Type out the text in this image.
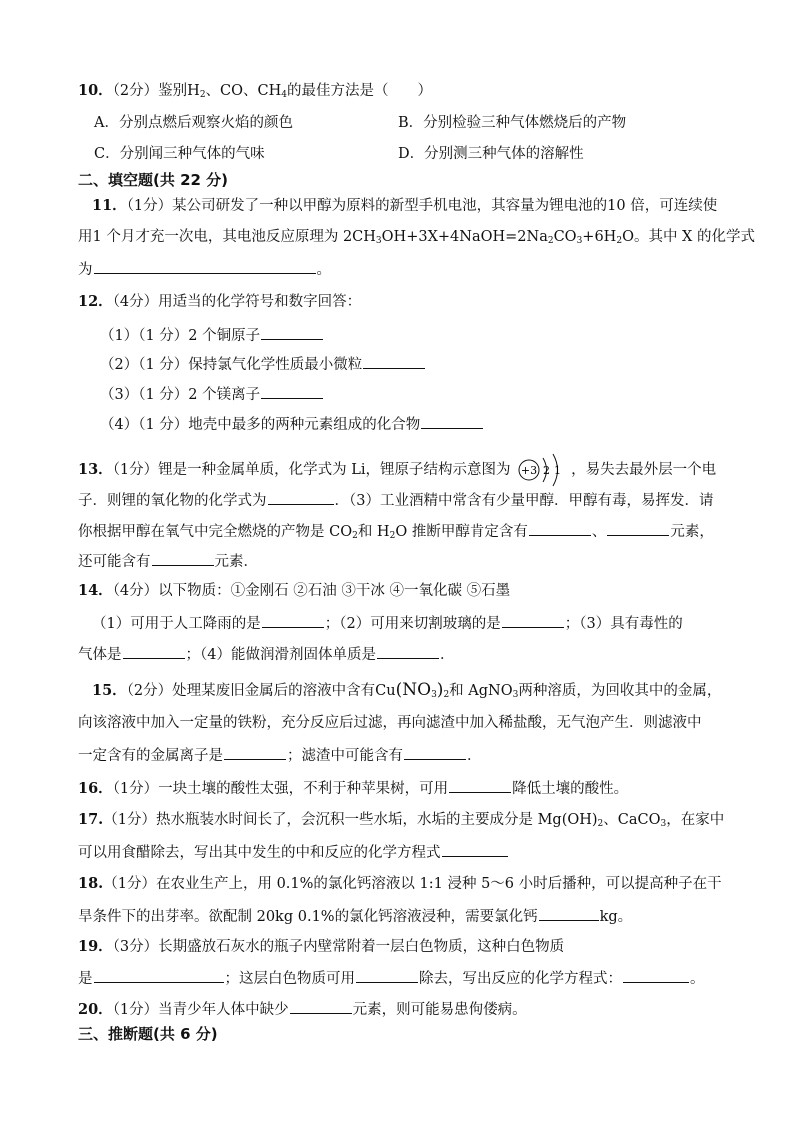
10．（2分）鉴别$H_2$、CO、$CH_4$的最佳方法是（　　）
A．分别点燃后观察火焰的颜色	B．分别检验三种气体燃烧后的产物
C．分别闻三种气体的气味	D．分别测三种气体的溶解性
二、填空题(共 22 分)
11．（1分）某公司研发了一种以甲醇为原料的新型手机电池，其容量为锂电池的10 倍，可连续使
用1 个月才充一次电，其电池反应原理为 $2CH_3OH+3X+4NaOH=2Na_2CO_3+6H_2O$。其中 X 的化学式
为	。
12．（4分）用适当的化学符号和数字回答：
（1）（1 分）2 个铜原子
（2）（1 分）保持氯气化学性质最小微粒
（3）（1 分）2 个镁离子
（4）（1 分）地壳中最多的两种元素组成的化合物
13．（1分）锂是一种金属单质，化学式为 Li，锂原子结构示意图为 +3 2 1 ，易失去最外层一个电
子．则锂的氧化物的化学式为	．（3）工业酒精中常含有少量甲醇．甲醇有毒，易挥发．请
你根据甲醇在氧气中完全燃烧的产物是 $CO_2$和 $H_2O$ 推断甲醇肯定含有	、	元素，
还可能含有	元素．
14．（4分）以下物质：①金刚石 ②石油 ③干冰 ④一氧化碳 ⑤石墨
（1）可用于人工降雨的是	；（2）可用来切割玻璃的是	；（3）具有毒性的
气体是	；（4）能做润滑剂固体单质是	．
15．（2分）处理某废旧金属后的溶液中含有$Cu(NO_3)_2$和 AgNO$_3$两种溶质，为回收其中的金属，
向该溶液中加入一定量的铁粉，充分反应后过滤，再向滤渣中加入稀盐酸，无气泡产生．则滤液中
一定含有的金属离子是	；滤渣中可能含有	．
16．（1分）一块土壤的酸性太强，不利于种苹果树，可用	降低土壤的酸性。
17.（1分）热水瓶装水时间长了，会沉积一些水垢，水垢的主要成分是 $Mg(OH)_2$、CaCO$_3$，在家中
可以用食醋除去，写出其中发生的中和反应的化学方程式
18.（1分）在农业生产上，用 0.1%的氯化钙溶液以 1:1 浸种 5～6 小时后播种，可以提高种子在干
旱条件下的出芽率。欲配制 20kg 0.1%的氯化钙溶液浸种，需要氯化钙	kg。
19．（3分）长期盛放石灰水的瓶子内壁常附着一层白色物质，这种白色物质
是	；这层白色物质可用	除去，写出反应的化学方程式：	。
20．（1分）当青少年人体中缺少	元素，则可能易患佝偻病。
三、推断题(共 6 分)
